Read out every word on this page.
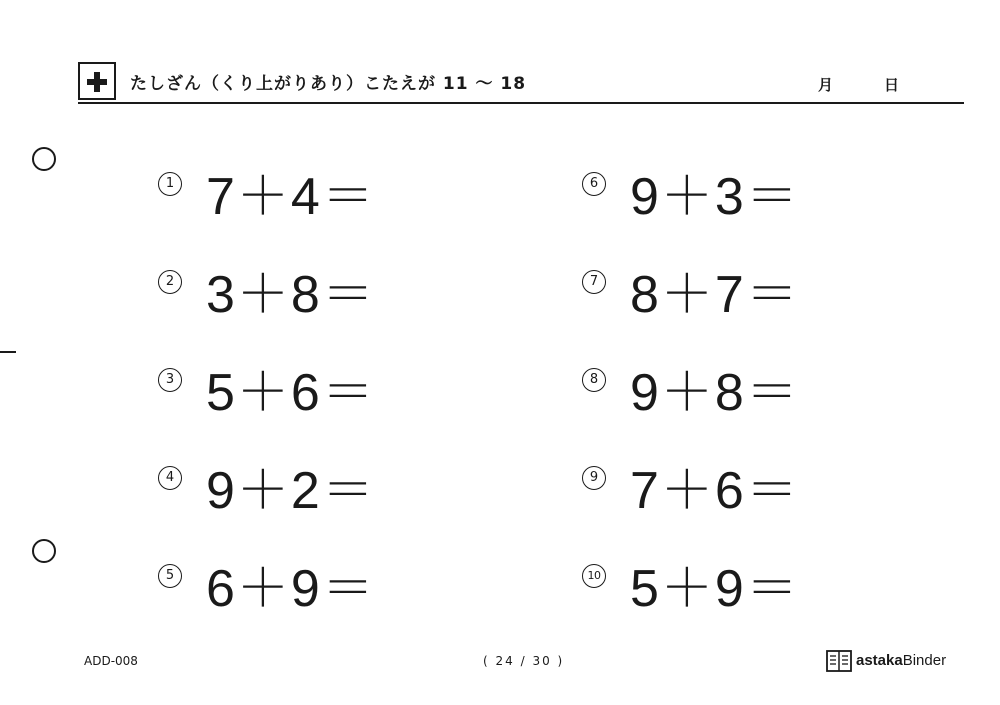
たしざん（くり上がりあり）こたえが 11 〜 18	月	日
1 7＋4＝
2 3＋8＝
3 5＋6＝
4 9＋2＝
5 6＋9＝
6 9＋3＝
7 8＋7＝
8 9＋8＝
9 7＋6＝
10 5＋9＝
ADD-008	( 24 / 30 )	astakaBinder
